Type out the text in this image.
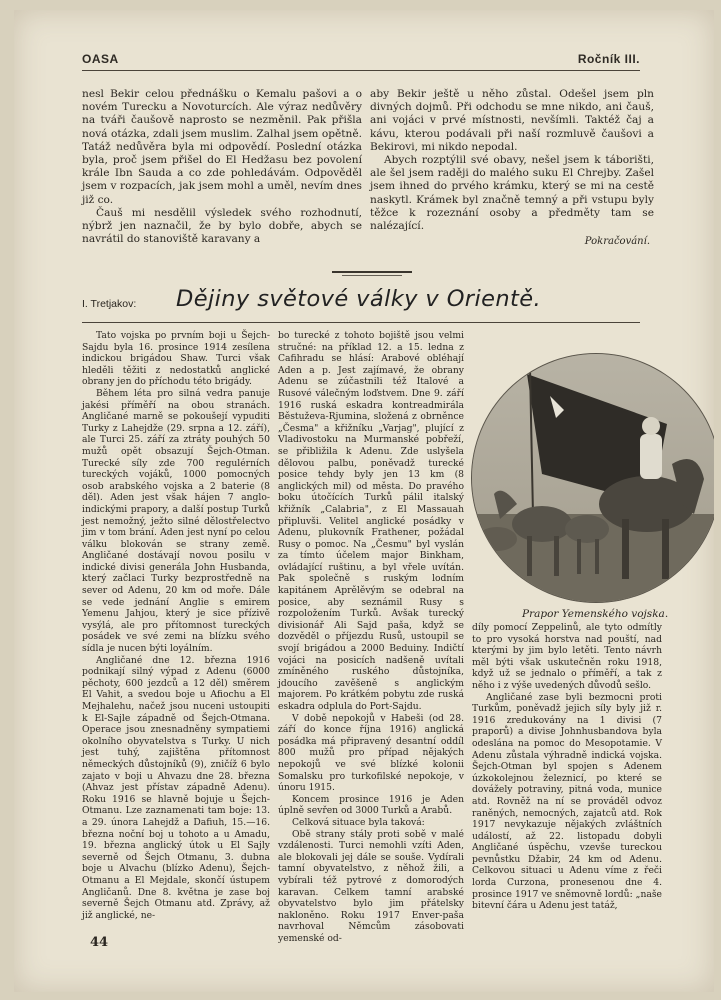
OASA	Ročník III.

nesl Bekir celou přednášku o Kemalu pašovi a o novém Turecku a Novoturcích. Ale výraz nedůvěry na tváři čaušově naprosto se nezměnil. Pak přišla nová otázka, zdali jsem muslim. Zalhal jsem opětně. Tatáž nedůvěra byla mi odpovědí. Poslední otázka byla, proč jsem přišel do El Hedžasu bez povolení krále Ibn Sauda a co zde pohledávám. Odpověděl jsem v rozpacích, jak jsem mohl a uměl, nevím dnes již co.

Čauš mi nesdělil výsledek svého rozhodnutí, nýbrž jen naznačil, že by bylo dobře, abych se navrátil do stanoviště karavany a

aby Bekir ještě u něho zůstal. Odešel jsem pln divných dojmů. Při odchodu se mne nikdo, ani čauš, ani vojáci v prvé místnosti, nevšímli. Taktéž čaj a kávu, kterou podávali při naší rozmluvě čaušovi a Bekirovi, mi nikdo nepodal.

Abych rozptýlil své obavy, nešel jsem k táborišti, ale šel jsem raději do malého suku El Chrejby. Zašel jsem ihned do prvého krámku, který se mi na cestě naskytl. Krámek byl značně temný a při vstupu byly těžce k rozeznání osoby a předměty tam se nalézající.

Pokračování.
I. Tretjakov: Dějiny světové války v Orientě.

Tato vojska po prvním boji u Šejch-Sajdu byla 16. prosince 1914 zesílena indickou brigádou Shaw. Turci však hleděli těžiti z nedostatků anglické obrany jen do příchodu této brigády.

Během léta pro silná vedra panuje jakési příměří na obou stranách. Angličané marně se pokoušejí vypuditi Turky z Lahejdže (29. srpna a 12. září), ale Turci 25. září za ztráty pouhých 50 mužů opět obsazují Šejch-Otman. Turecké síly zde 700 regulérních tureckých vojáků, 1000 pomocných osob arabského vojska a 2 baterie (8 děl). Aden jest však hájen 7 anglo-indickými prapory, a další postup Turků jest nemožný, ježto silné dělostřelectvo jim v tom brání. Aden jest nyní po celou válku blokován se strany země. Angličané dostávají novou posilu v indické divisi generála John Husbanda, který začlaci Turky bezprostředně na sever od Adenu, 20 km od moře. Dále se vede jednání Anglie s emirem Yemenu Jahjou, který je sice přízivě vysýlá, ale pro přítomnost tureckých posádek ve své zemi na blízku svého sídla je nucen býti loyálním.

Angličané dne 12. března 1916 podnikají silný výpad z Adenu (6000 pěchoty, 600 jezdců a 12 děl) směrem El Vahit, a svedou boje u Afiochu a El Mejhalehu, načež jsou nuceni ustoupiti k El-Sajle západně od Šejch-Otmana. Operace jsou znesnadněny sympatiemi okolního obyvatelstva s Turky. U nich jest tuhý, zajištěna přítomnost německých důstojníků (9), zničíž 6 bylo zajato v boji u Ahvazu dne 28. března (Ahvaz jest přístav západně Adenu). Roku 1916 se hlavně bojuje u Šejch-Otmanu. Lze zaznamenati tam boje: 13. a 29. února Lahejdž a Dafiuh, 15.—16. března noční boj u tohoto a u Amadu, 19. března anglický útok u El Sajly severně od Šejch Otmanu, 3. dubna boje u Alvachu (blízko Adenu), Šejch-Otmanu a El Mejdale, skončí ústupem Angličanů. Dne 8. května je zase boj severně Šejch Otmanu atd. Zprávy, až již anglické, ne-

bo turecké z tohoto bojiště jsou velmi stručné: na příklad 12. a 15. ledna z Cafihradu se hlásí: Arabové obléhají Aden a p. Jest zajímavé, že obrany Adenu se zúčastnili též Italové a Rusové válečným loďstvem. Dne 9. září 1916 ruská eskadra kontreadmirála Běstuževa-Rjumina, složená z obrněnce „Česma" a křižníku „Varjag", plující z Vladivostoku na Murmanské pobřeží, se přibližila k Adenu. Zde uslyšela dělovou palbu, poněvadž turecké posice tehdy byly jen 13 km (8 anglických mil) od města. Do pravého boku útočících Turků pálil italský křižník „Calabria", z El Massauah připluvši. Velitel anglické posádky v Adenu, plukovník Frathener, požádal Rusy o pomoc. Na „Česmu" byl vyslán za tímto účelem major Binkham, ovládající ruštinu, a byl vřele uvítán. Pak společně s ruským lodním kapitánem Aprělěvým se odebral na posice, aby seznámil Rusy s rozpoložením Turků. Avšak turecký divisionář Ali Sajd paša, když se dozvěděl o příjezdu Rusů, ustoupil se svojí brigádou a 2000 Beduiny. Indičtí vojáci na posicích nadšeně uvítali zmíněného ruského důstojníka, jdoucího zavěšeně s anglickým majorem. Po krátkém pobytu zde ruská eskadra odplula do Port-Sajdu.

V době nepokojů v Habeši (od 28. září do konce října 1916) anglická posádka má připravený desantní oddíl 800 mužů pro případ nějakých nepokojů ve své blízké kolonii Somalsku pro turkofilské nepokoje, v únoru 1915.

Koncem prosince 1916 je Aden úplně sevřen od 3000 Turků a Arabů.

Celková situace byla taková:

Obě strany stály proti sobě v malé vzdálenosti. Turci nemohli vzíti Aden, ale blokovali jej dále se souše. Vydírali tamní obyvatelstvo, z něhož žili, a vybírali též pytrové z domorodých karavan. Celkem tamní arabské obyvatelstvo bylo jim přátelsky nakloněno. Roku 1917 Enver-paša navrhoval Němcům zásobovati yemenské od-

Prapor Yemenského vojska.

díly pomocí Zeppelinů, ale tyto odmítly to pro vysoká horstva nad pouští, nad kterými by jim bylo letěti. Tento návrh měl býti však uskutečněn roku 1918, když už se jednalo o příměří, a tak z něho i z výše uvedených důvodů sešlo.

Angličané zase byli bezmocni proti Turkům, poněvadž jejich síly byly již r. 1916 zredukovány na 1 divisi (7 praporů) a divise Johnhusbandova byla odeslána na pomoc do Mesopotamie. V Adenu zůstala výhradně indická vojska. Šejch-Otman byl spojen s Adenem úzkokolejnou železnicí, po které se dovážely potraviny, pitná voda, munice atd. Rovněž na ní se prováděl odvoz raněných, nemocných, zajatců atd. Rok 1917 nevykazuje nějakých zvláštních událostí, až 22. listopadu dobyli Angličané úspěchu, vzevše tureckou pevnůstku Džabir, 24 km od Adenu. Celkovou situaci u Adenu víme z řeči lorda Curzona, pronesenou dne 4. prosince 1917 ve sněmovně lordů: „naše bitevní čára u Adenu jest tatáž,

44
